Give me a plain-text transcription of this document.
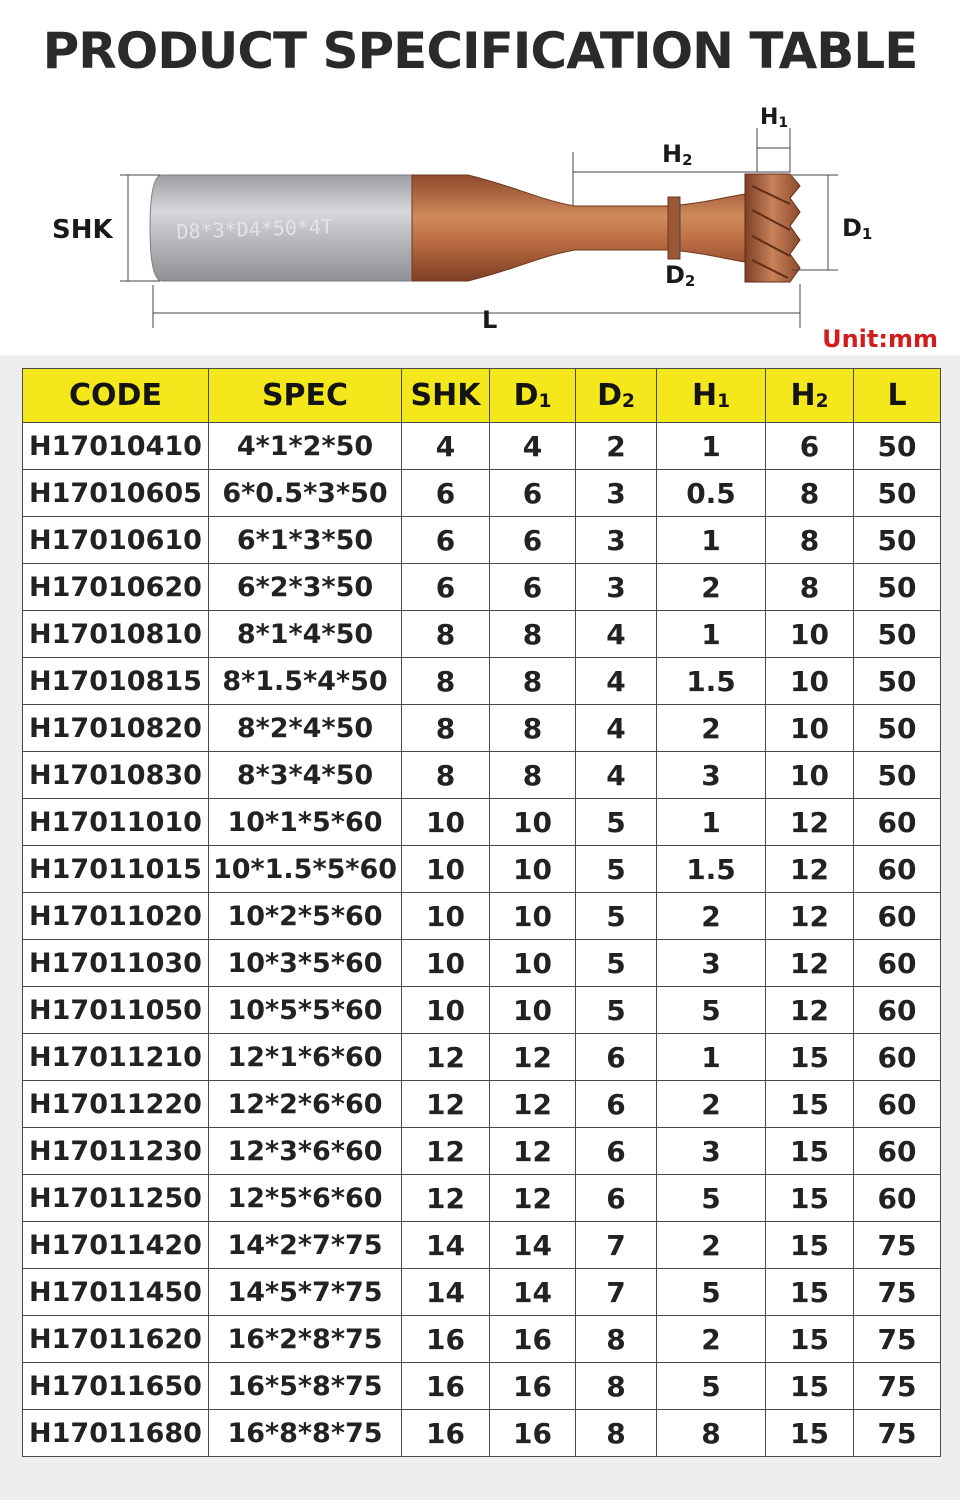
PRODUCT SPECIFICATION TABLE
D8*3*D4*50*4T
SHK
L
H2
H1
D1
D2
Unit:mm
CODE	SPEC	SHK	D1	D2	H1	H2	L
H17010410	4*1*2*50	4	4	2	1	6	50
H17010605	6*0.5*3*50	6	6	3	0.5	8	50
H17010610	6*1*3*50	6	6	3	1	8	50
H17010620	6*2*3*50	6	6	3	2	8	50
H17010810	8*1*4*50	8	8	4	1	10	50
H17010815	8*1.5*4*50	8	8	4	1.5	10	50
H17010820	8*2*4*50	8	8	4	2	10	50
H17010830	8*3*4*50	8	8	4	3	10	50
H17011010	10*1*5*60	10	10	5	1	12	60
H17011015	10*1.5*5*60	10	10	5	1.5	12	60
H17011020	10*2*5*60	10	10	5	2	12	60
H17011030	10*3*5*60	10	10	5	3	12	60
H17011050	10*5*5*60	10	10	5	5	12	60
H17011210	12*1*6*60	12	12	6	1	15	60
H17011220	12*2*6*60	12	12	6	2	15	60
H17011230	12*3*6*60	12	12	6	3	15	60
H17011250	12*5*6*60	12	12	6	5	15	60
H17011420	14*2*7*75	14	14	7	2	15	75
H17011450	14*5*7*75	14	14	7	5	15	75
H17011620	16*2*8*75	16	16	8	2	15	75
H17011650	16*5*8*75	16	16	8	5	15	75
H17011680	16*8*8*75	16	16	8	8	15	75
